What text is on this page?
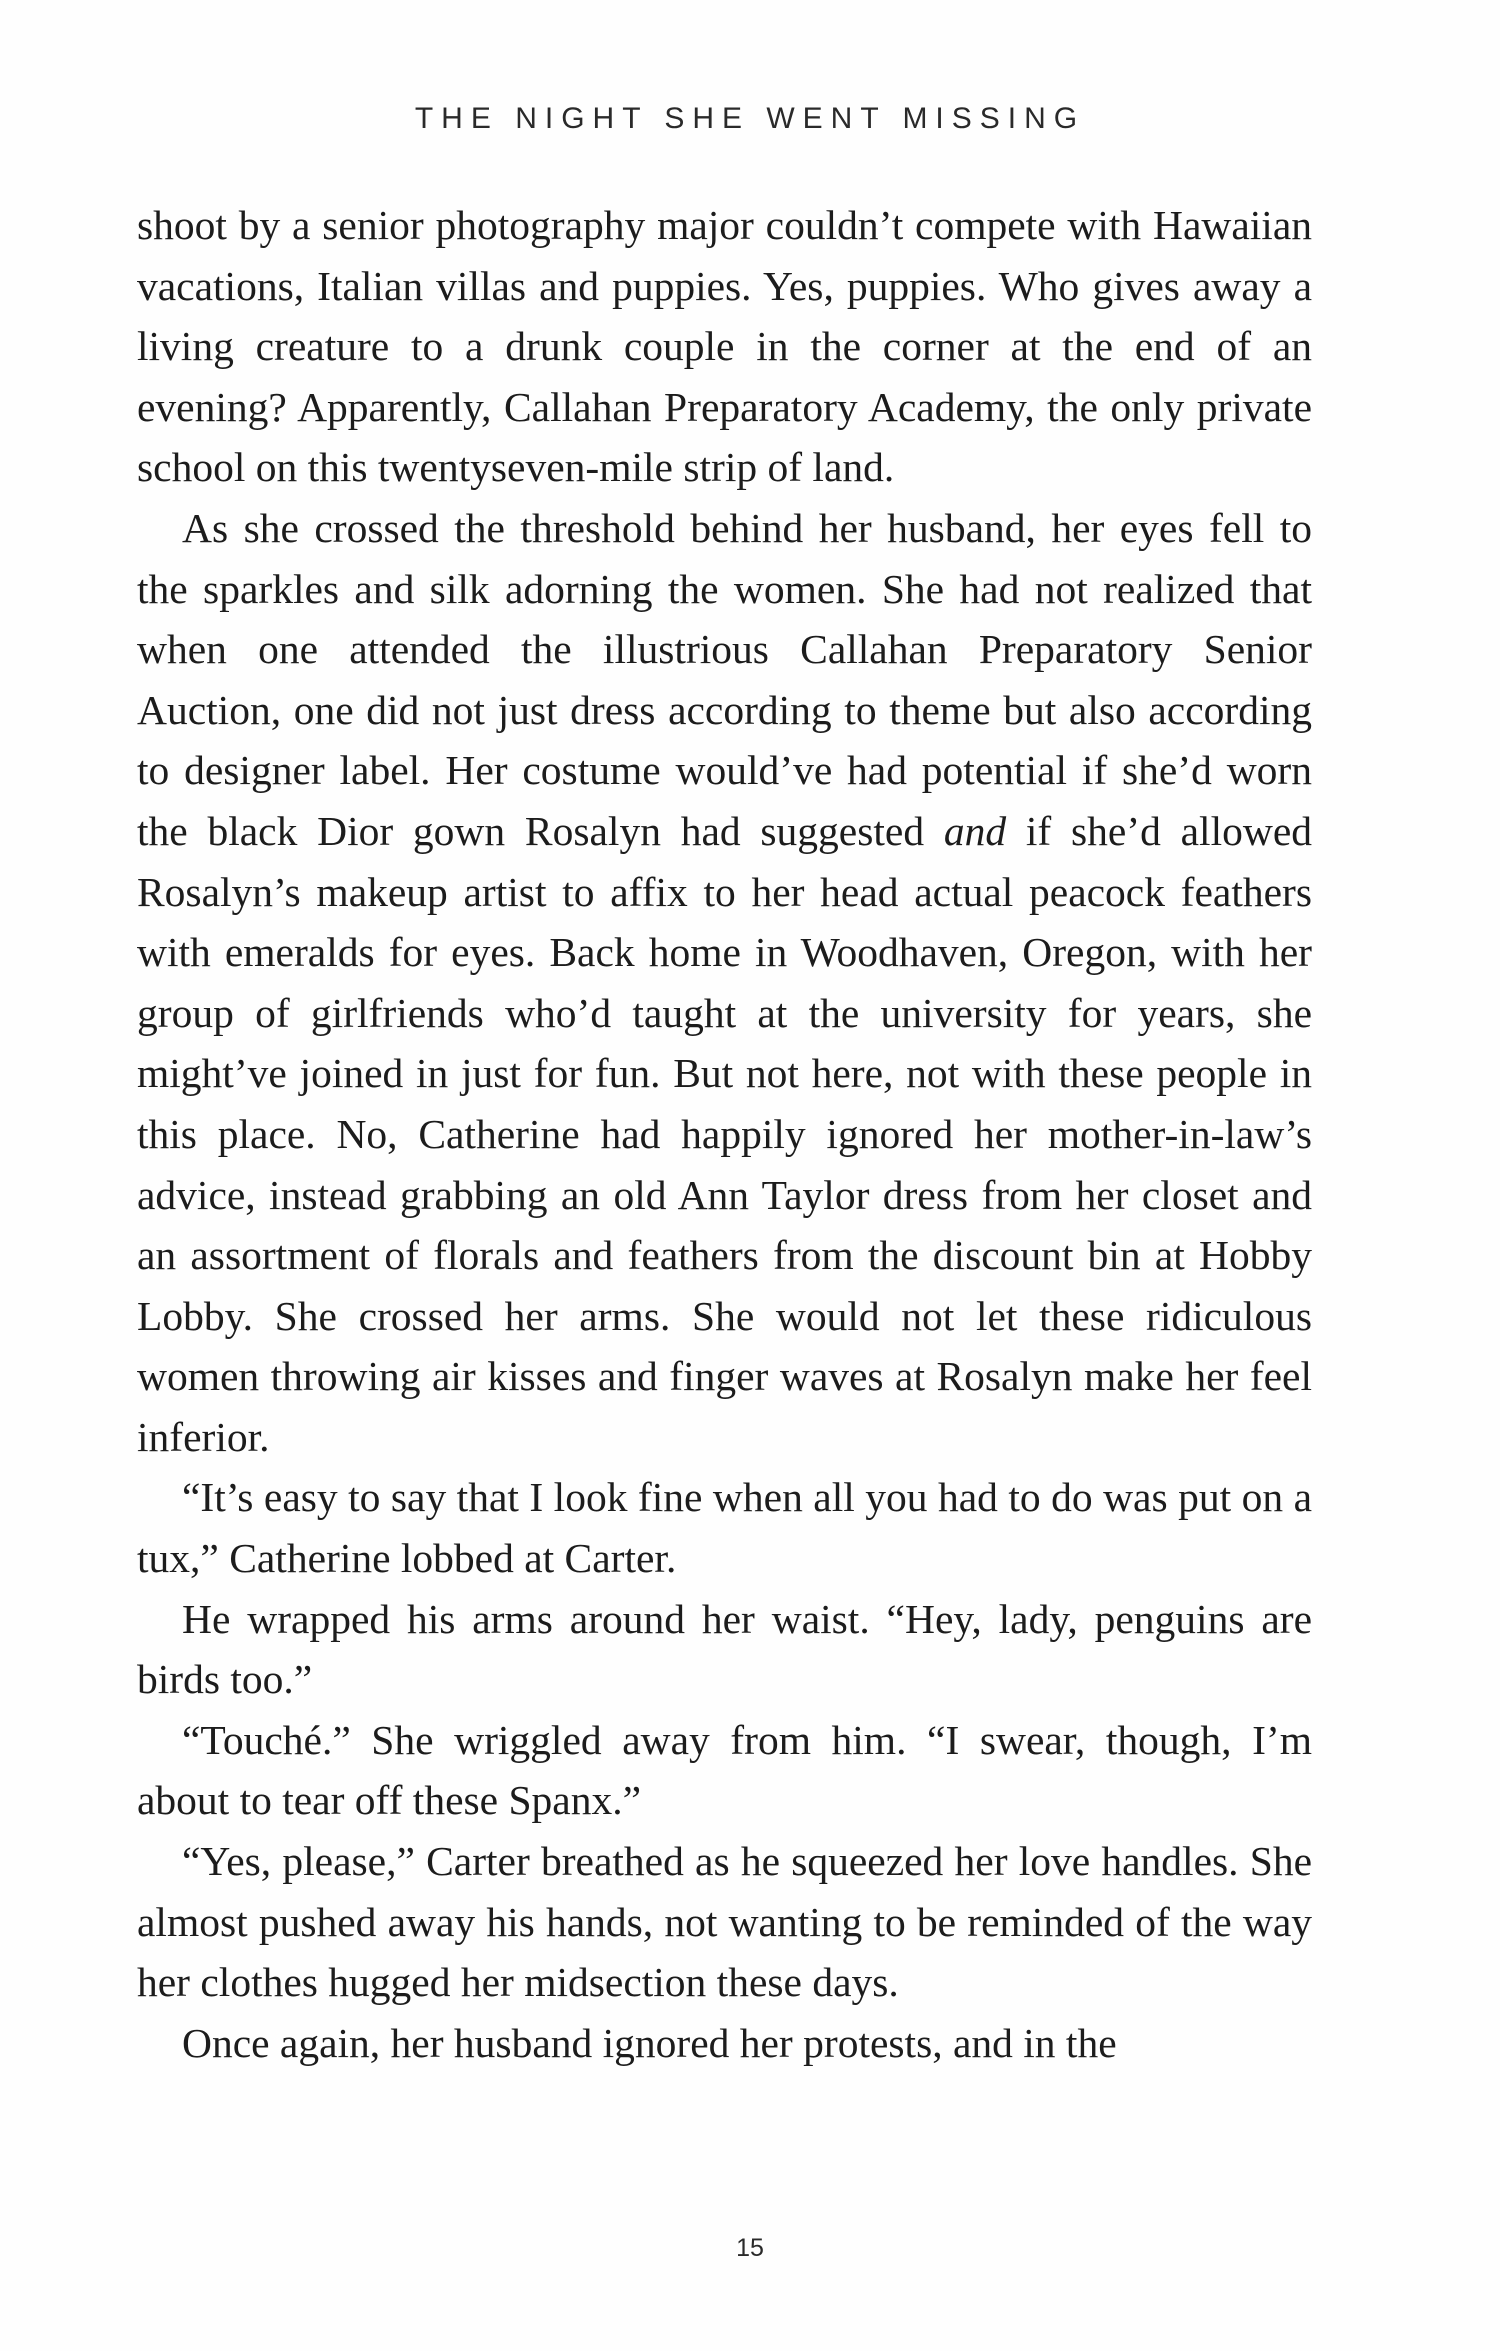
THE NIGHT SHE WENT MISSING

shoot by a senior photography major couldn’t compete with Hawaiian vacations, Italian villas and puppies. Yes, puppies. Who gives away a living creature to a drunk couple in the corner at the end of an evening? Apparently, Callahan Preparatory Academy, the only private school on this twentyseven-mile strip of land.

As she crossed the threshold behind her husband, her eyes fell to the sparkles and silk adorning the women. She had not realized that when one attended the illustrious Callahan Preparatory Senior Auction, one did not just dress according to theme but also according to designer label. Her costume would’ve had potential if she’d worn the black Dior gown Rosalyn had suggested and if she’d allowed Rosalyn’s makeup artist to affix to her head actual peacock feathers with emeralds for eyes. Back home in Woodhaven, Oregon, with her group of girlfriends who’d taught at the university for years, she might’ve joined in just for fun. But not here, not with these people in this place. No, Catherine had happily ignored her mother-in-law’s advice, instead grabbing an old Ann Taylor dress from her closet and an assortment of florals and feathers from the discount bin at Hobby Lobby. She crossed her arms. She would not let these ridiculous women throwing air kisses and finger waves at Rosalyn make her feel inferior.

“It’s easy to say that I look fine when all you had to do was put on a tux,” Catherine lobbed at Carter.

He wrapped his arms around her waist. “Hey, lady, penguins are birds too.”

“Touché.” She wriggled away from him. “I swear, though, I’m about to tear off these Spanx.”

“Yes, please,” Carter breathed as he squeezed her love handles. She almost pushed away his hands, not wanting to be reminded of the way her clothes hugged her midsection these days.

Once again, her husband ignored her protests, and in the

15
